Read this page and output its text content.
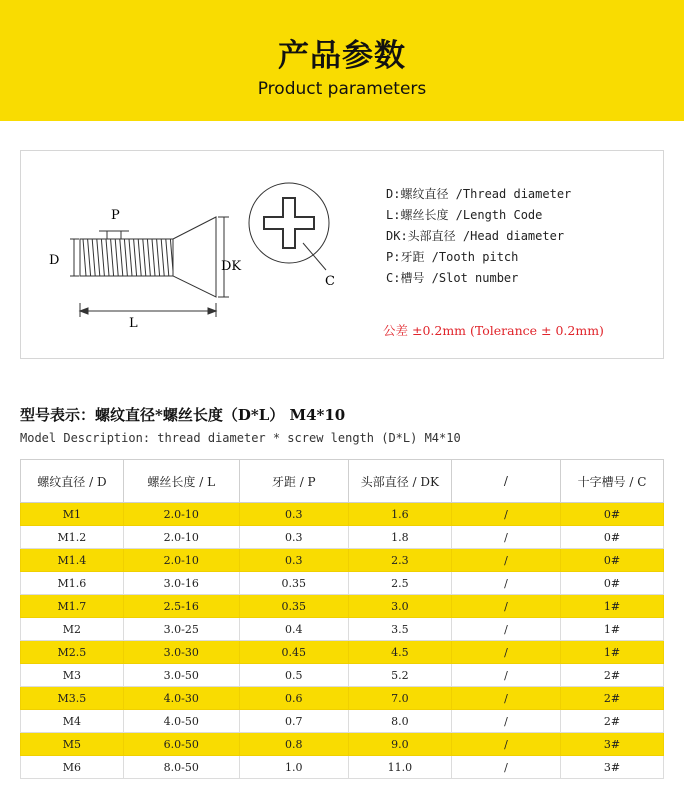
产品参数
Product parameters
P
D	DK
L
C
D:螺纹直径 /Thread diameter
L:螺丝长度 /Length Code
DK:头部直径 /Head diameter
P:牙距 /Tooth pitch
C:槽号 /Slot number
公差 ±0.2mm (Tolerance ± 0.2mm)
型号表示：螺纹直径*螺丝长度（D*L） M4*10
Model Description: thread diameter * screw length (D*L) M4*10
螺纹直径 / D	螺丝长度 / L	牙距 / P	头部直径 / DK	/	十字槽号 / C
M1	2.0-10	0.3	1.6	/	0#
M1.2	2.0-10	0.3	1.8	/	0#
M1.4	2.0-10	0.3	2.3	/	0#
M1.6	3.0-16	0.35	2.5	/	0#
M1.7	2.5-16	0.35	3.0	/	1#
M2	3.0-25	0.4	3.5	/	1#
M2.5	3.0-30	0.45	4.5	/	1#
M3	3.0-50	0.5	5.2	/	2#
M3.5	4.0-30	0.6	7.0	/	2#
M4	4.0-50	0.7	8.0	/	2#
M5	6.0-50	0.8	9.0	/	3#
M6	8.0-50	1.0	11.0	/	3#
